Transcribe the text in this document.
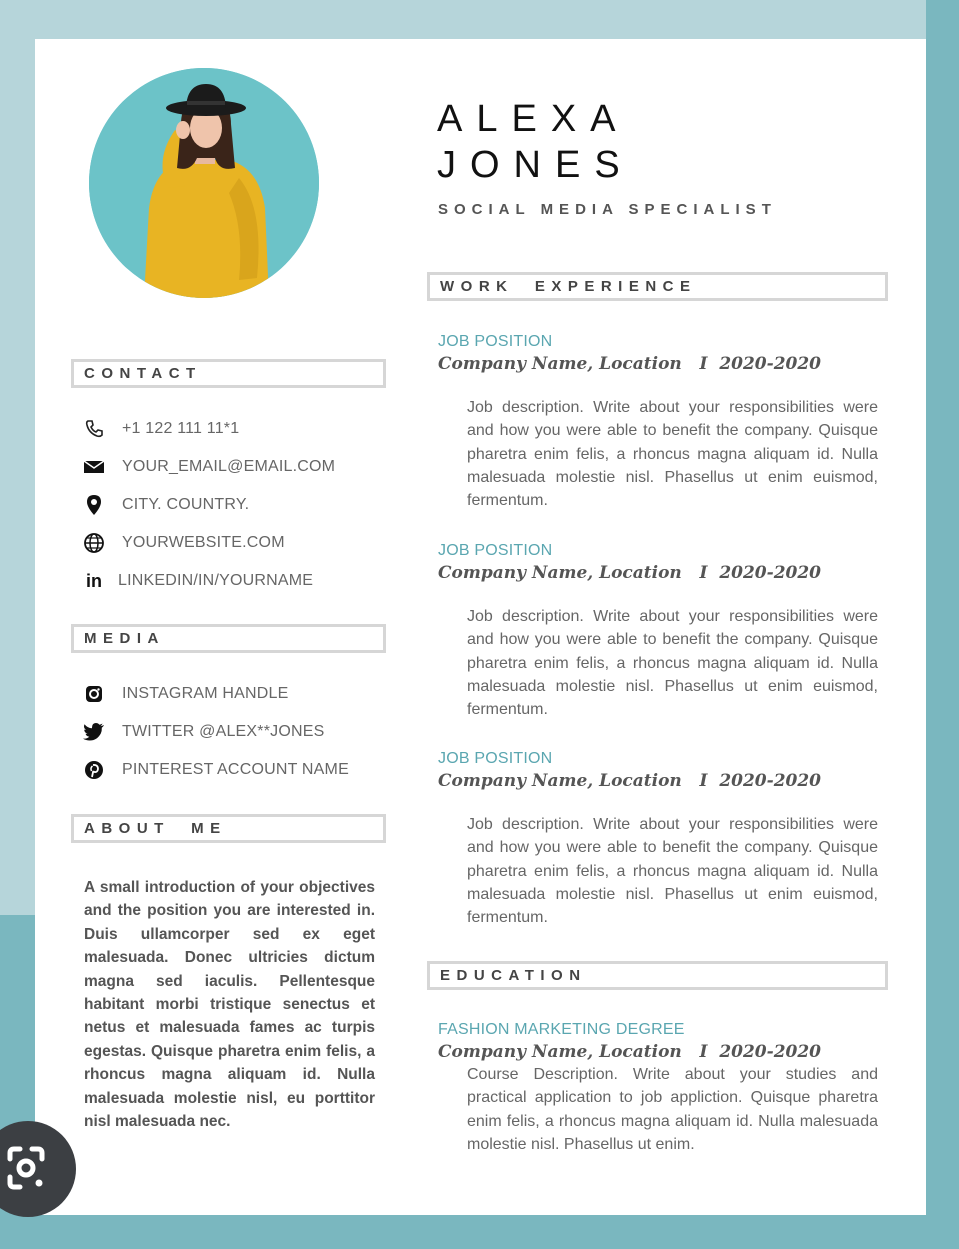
ALEXA
JONES
SOCIAL MEDIA SPECIALIST
CONTACT
+1 122 111 11*1
YOUR_EMAIL@EMAIL.COM
CITY. COUNTRY.
YOURWEBSITE.COM
in LINKEDIN/IN/YOURNAME
MEDIA
INSTAGRAM HANDLE
TWITTER @ALEX**JONES
PINTEREST ACCOUNT NAME
ABOUT  ME
A small introduction of your objectives and the position you are interested in. Duis ullamcorper sed ex eget malesuada. Donec ultricies dictum magna sed iaculis. Pellentesque habitant morbi tristique senectus et netus et malesuada fames ac turpis egestas. Quisque pharetra enim felis, a rhoncus magna aliquam id. Nulla malesuada molestie nisl, eu porttitor nisl malesuada nec.
WORK  EXPERIENCE
JOB POSITION
Company Name, Location   I  2020-2020
Job description. Write about your responsibilities were and how you were able to benefit the company. Quisque pharetra enim felis, a rhoncus magna aliquam id. Nulla malesuada molestie nisl. Phasellus ut enim euismod, fermentum.
JOB POSITION
Company Name, Location   I  2020-2020
Job description. Write about your responsibilities were and how you were able to benefit the company. Quisque pharetra enim felis, a rhoncus magna aliquam id. Nulla malesuada molestie nisl. Phasellus ut enim euismod, fermentum.
JOB POSITION
Company Name, Location   I  2020-2020
Job description. Write about your responsibilities were and how you were able to benefit the company. Quisque pharetra enim felis, a rhoncus magna aliquam id. Nulla malesuada molestie nisl. Phasellus ut enim euismod, fermentum.
EDUCATION
FASHION MARKETING DEGREE
Company Name, Location   I  2020-2020
Course Description. Write about your studies and practical application to job appliction. Quisque pharetra enim felis, a rhoncus magna aliquam id. Nulla malesuada molestie nisl. Phasellus ut enim.
